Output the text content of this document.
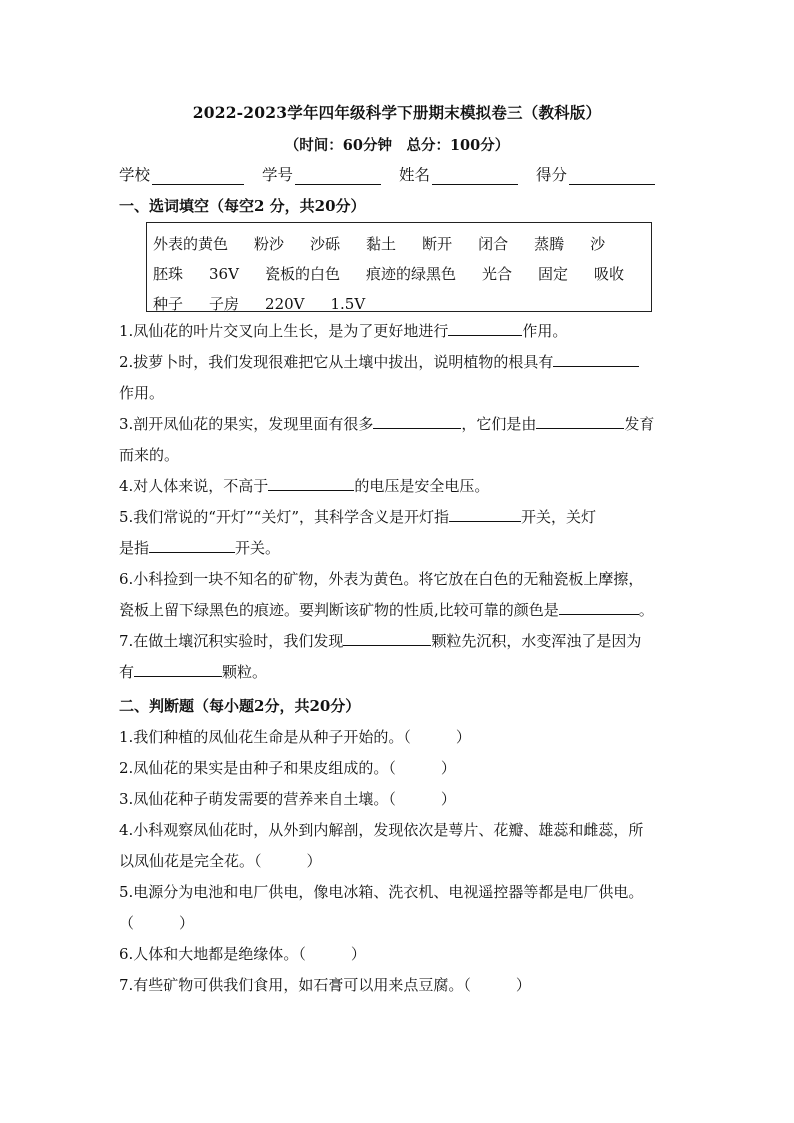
2022-2023学年四年级科学下册期末模拟卷三（教科版）
（时间：60分钟　总分：100分）
学校	学号	姓名	得分
一、选词填空（每空2 分，共20分）
外表的黄色 粉沙 沙砾 黏土 断开 闭合 蒸腾 沙
胚珠 36V 瓷板的白色 痕迹的绿黑色 光合 固定 吸收
种子 子房 220V 1.5V
1.凤仙花的叶片交叉向上生长，是为了更好地进行	作用。
2.拔萝卜时，我们发现很难把它从土壤中拔出，说明植物的根具有
作用。
3.剖开凤仙花的果实，发现里面有很多	，它们是由	发育
而来的。
4.对人体来说，不高于	的电压是安全电压。
5.我们常说的“开灯”“关灯”，其科学含义是开灯指	开关，关灯
是指	开关。
6.小科捡到一块不知名的矿物，外表为黄色。将它放在白色的无釉瓷板上摩擦，
瓷板上留下绿黑色的痕迹。要判断该矿物的性质,比较可靠的颜色是	。
7.在做土壤沉积实验时，我们发现	颗粒先沉积，水变浑浊了是因为
有	颗粒。
二、判断题（每小题2分，共20分）
1.我们种植的凤仙花生命是从种子开始的。（　　　）
2.凤仙花的果实是由种子和果皮组成的。（　　　）
3.凤仙花种子萌发需要的营养来自土壤。（　　　）
4.小科观察凤仙花时，从外到内解剖，发现依次是萼片、花瓣、雄蕊和雌蕊，所
以凤仙花是完全花。（　　　）
5.电源分为电池和电厂供电，像电冰箱、洗衣机、电视遥控器等都是电厂供电。
（　　　）
6.人体和大地都是绝缘体。（　　　）
7.有些矿物可供我们食用，如石膏可以用来点豆腐。（　　　）
